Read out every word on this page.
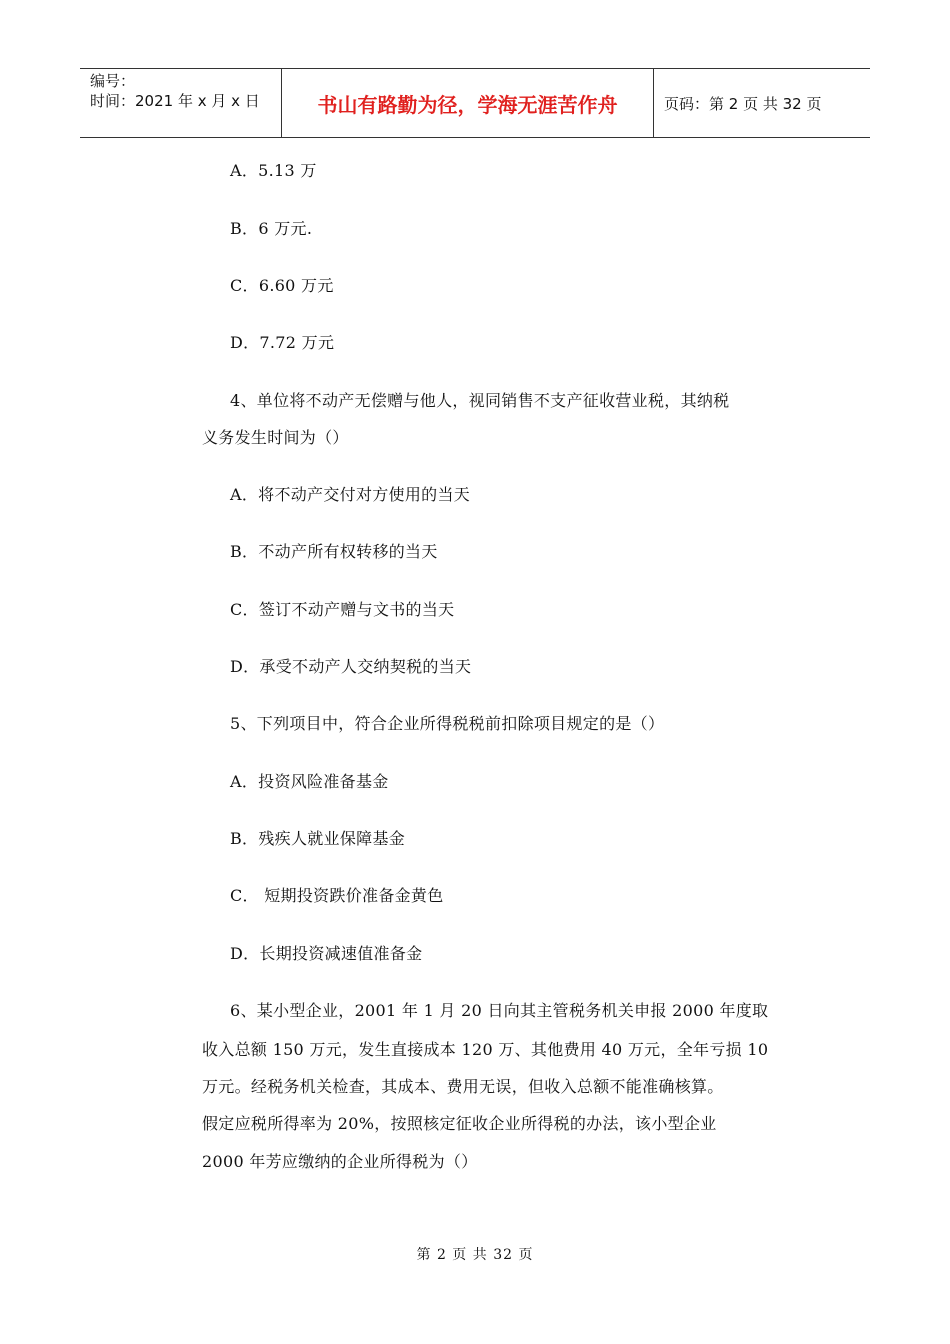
编号：
时间：2021 年 x 月 x 日	书山有路勤为径，学海无涯苦作舟	页码：第 2 页 共 32 页
A．5.13 万
B．6 万元.
C．6.60 万元
D．7.72 万元
4、单位将不动产无偿赠与他人，视同销售不支产征收营业税，其纳税
义务发生时间为（）
A．将不动产交付对方使用的当天
B．不动产所有权转移的当天
C．签订不动产赠与文书的当天
D．承受不动产人交纳契税的当天
5、下列项目中，符合企业所得税税前扣除项目规定的是（）
A．投资风险准备基金
B．残疾人就业保障基金
C． 短期投资跌价准备金黄色
D．长期投资减速值准备金
6、某小型企业，2001 年 1 月 20 日向其主管税务机关申报 2000 年度取
收入总额 150 万元，发生直接成本 120 万、其他费用 40 万元，全年亏损 10
万元。经税务机关检查，其成本、费用无误，但收入总额不能准确核算。
假定应税所得率为 20%，按照核定征收企业所得税的办法，该小型企业
2000 年芳应缴纳的企业所得税为（）
第 2 页 共 32 页
